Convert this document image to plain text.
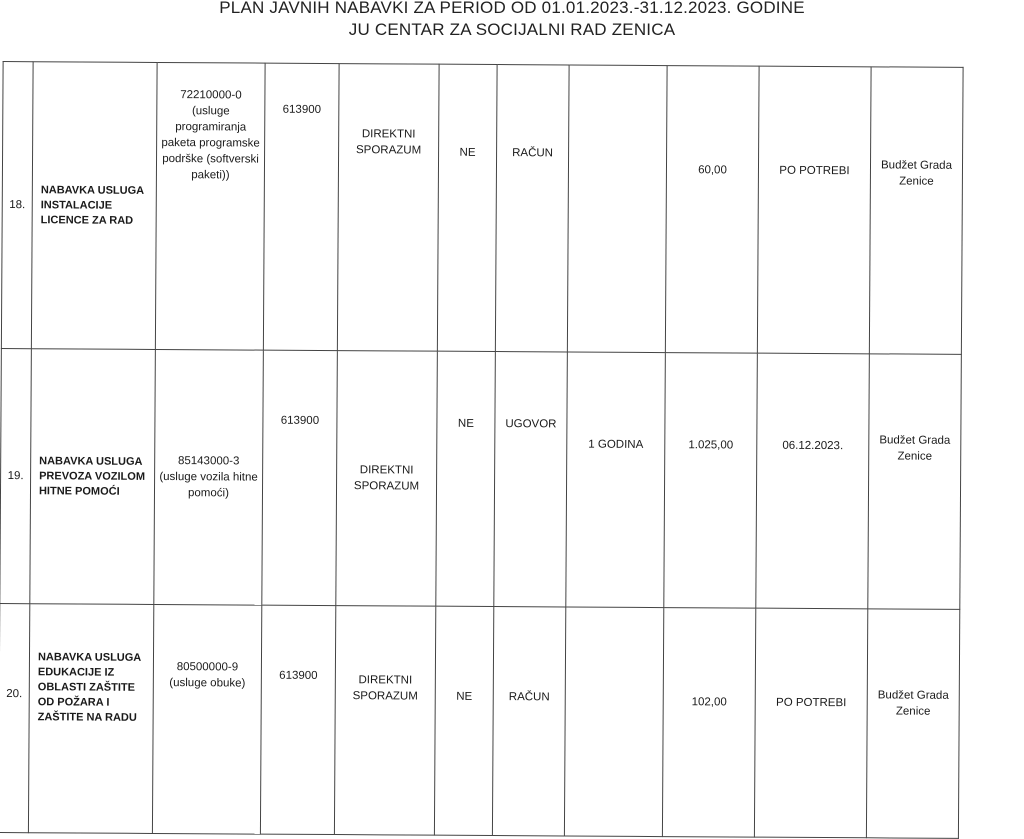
PLAN JAVNIH NABAVKI ZA PERIOD OD 01.01.2023.-31.12.2023. GODINE
JU CENTAR ZA SOCIJALNI RAD ZENICA
18.	NABAVKA USLUGA INSTALACIJE LICENCE ZA RAD	72210000-0 (usluge programiranja paketa programske podrške (softverski paketi))	613900	DIREKTNI SPORAZUM	NE	RAČUN		60,00	PO POTREBI	Budžet Grada Zenice
19.	NABAVKA USLUGA PREVOZA VOZILOM HITNE POMOĆI	85143000-3 (usluge vozila hitne pomoći)	613900	DIREKTNI SPORAZUM	NE	UGOVOR	1 GODINA	1.025,00	06.12.2023.	Budžet Grada Zenice
20.	NABAVKA USLUGA EDUKACIJE IZ OBLASTI ZAŠTITE OD POŽARA I ZAŠTITE NA RADU	80500000-9 (usluge obuke)	613900	DIREKTNI SPORAZUM	NE	RAČUN		102,00	PO POTREBI	Budžet Grada Zenice
